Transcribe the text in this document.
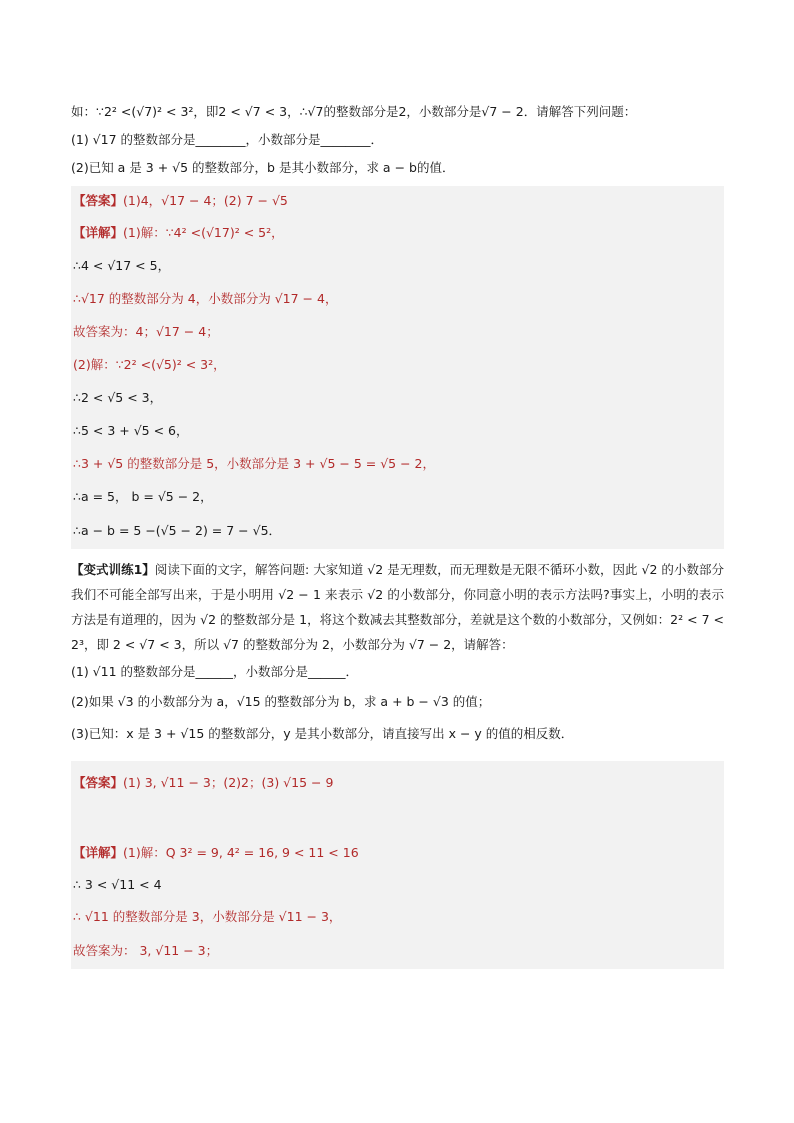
如：∵2² <(√7)² < 3²，即2 < √7 < 3，∴√7的整数部分是2，小数部分是√7 − 2．请解答下列问题：
(1) √17 的整数部分是________，小数部分是________．
(2)已知 a 是 3 + √5 的整数部分，b 是其小数部分，求 a − b的值．
【答案】(1)4，√17 − 4；(2) 7 − √5
【详解】(1)解：∵4² <(√17)² < 5²，
∴4 < √17 < 5，
∴√17 的整数部分为 4，小数部分为 √17 − 4，
故答案为：4；√17 − 4；
(2)解：∵2² <(√5)² < 3²，
∴2 < √5 < 3，
∴5 < 3 + √5 < 6，
∴3 + √5 的整数部分是 5，小数部分是 3 + √5 − 5 = √5 − 2，
∴a = 5， b = √5 − 2，
∴a − b = 5 −(√5 − 2) = 7 − √5．
【变式训练1】阅读下面的文字，解答问题: 大家知道 √2 是无理数，而无理数是无限不循环小数，因此 √2 的小数部分我们不可能全部写出来，于是小明用 √2 − 1 来表示 √2 的小数部分，你同意小明的表示方法吗?事实上，小明的表示方法是有道理的，因为 √2 的整数部分是 1，将这个数减去其整数部分，差就是这个数的小数部分，又例如：2² < 7 < 2³，即 2 < √7 < 3，所以 √7 的整数部分为 2，小数部分为 √7 − 2，请解答：
(1) √11 的整数部分是______，小数部分是______．
(2)如果 √3 的小数部分为 a，√15 的整数部分为 b，求 a + b − √3 的值；
(3)已知：x 是 3 + √15 的整数部分，y 是其小数部分，请直接写出 x − y 的值的相反数．
【答案】(1) 3, √11 − 3；(2)2；(3) √15 − 9
【详解】(1)解：Q 3² = 9, 4² = 16, 9 < 11 < 16
∴ 3 < √11 < 4
∴ √11 的整数部分是 3，小数部分是 √11 − 3，
故答案为： 3, √11 − 3；
